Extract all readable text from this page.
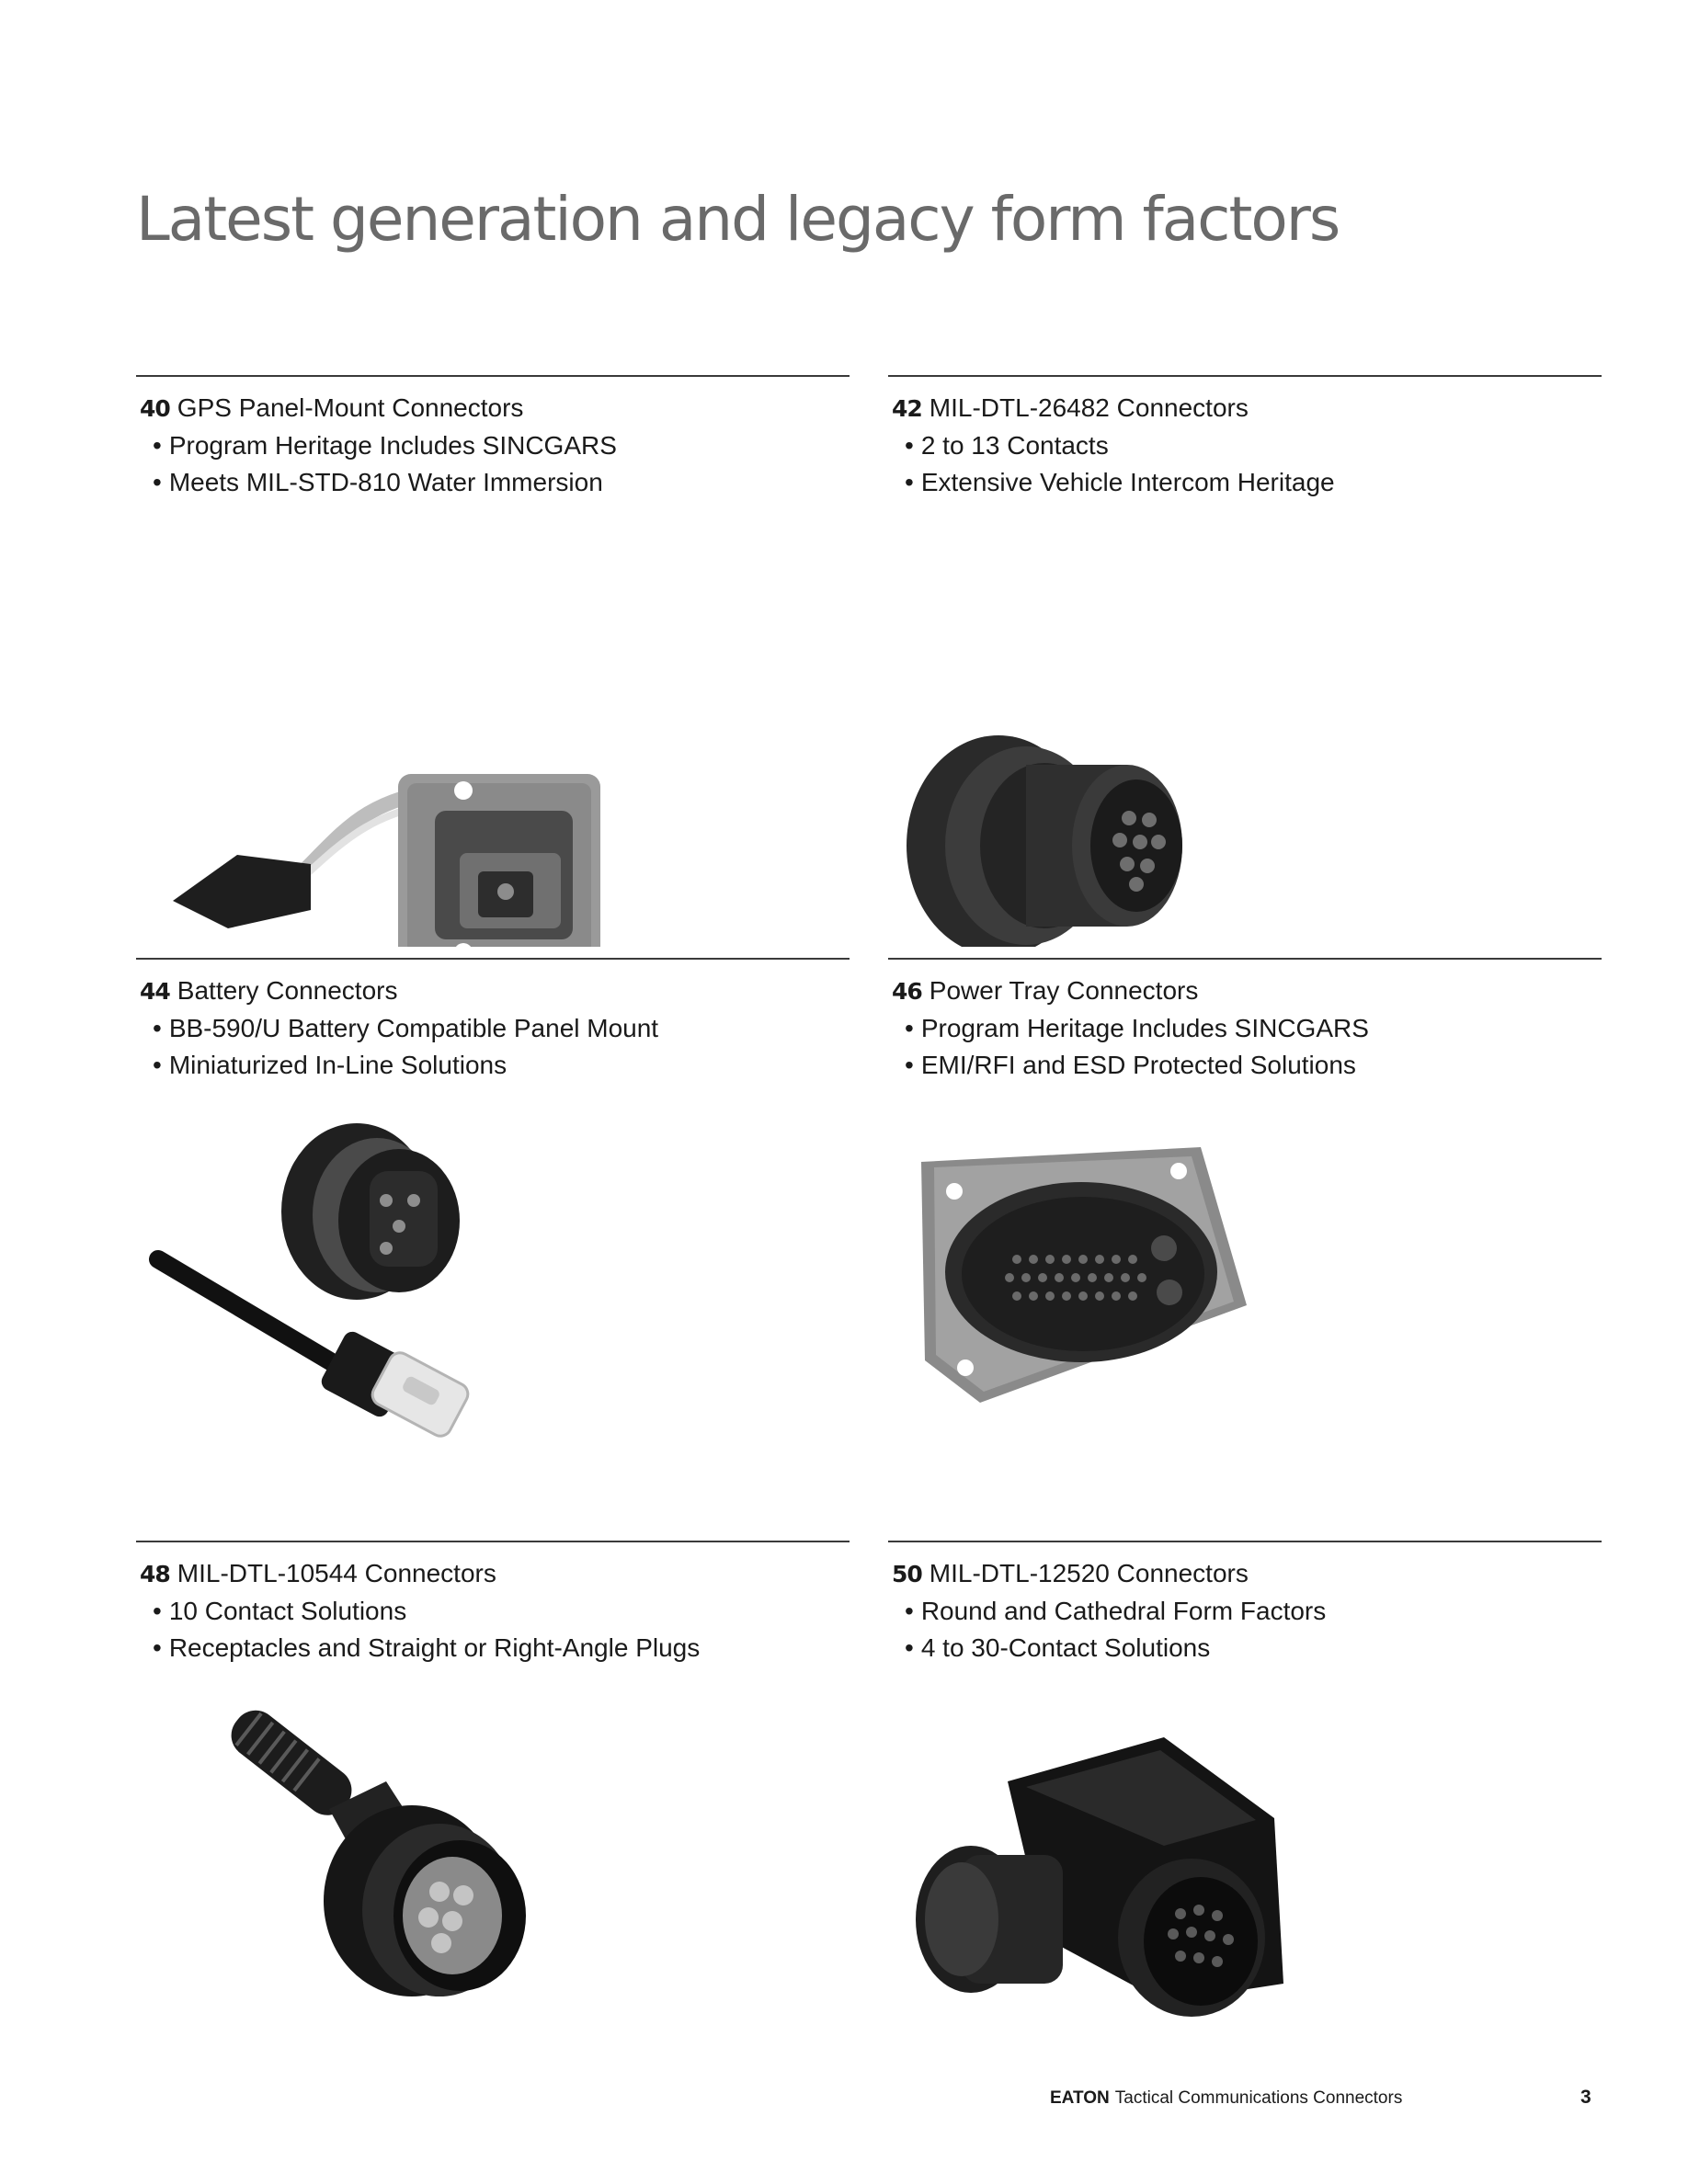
Latest generation and legacy form factors
40 GPS Panel-Mount Connectors
• Program Heritage Includes SINCGARS
• Meets MIL-STD-810 Water Immersion
42 MIL-DTL-26482 Connectors
• 2 to 13 Contacts
• Extensive Vehicle Intercom Heritage
44 Battery Connectors
• BB-590/U Battery Compatible Panel Mount
• Miniaturized In-Line Solutions
46 Power Tray Connectors
• Program Heritage Includes SINCGARS
• EMI/RFI and ESD Protected Solutions
48 MIL-DTL-10544 Connectors
• 10 Contact Solutions
• Receptacles and Straight or Right-Angle Plugs
50 MIL-DTL-12520 Connectors
• Round and Cathedral Form Factors
• 4 to 30-Contact Solutions
EATON Tactical Communications Connectors	3
